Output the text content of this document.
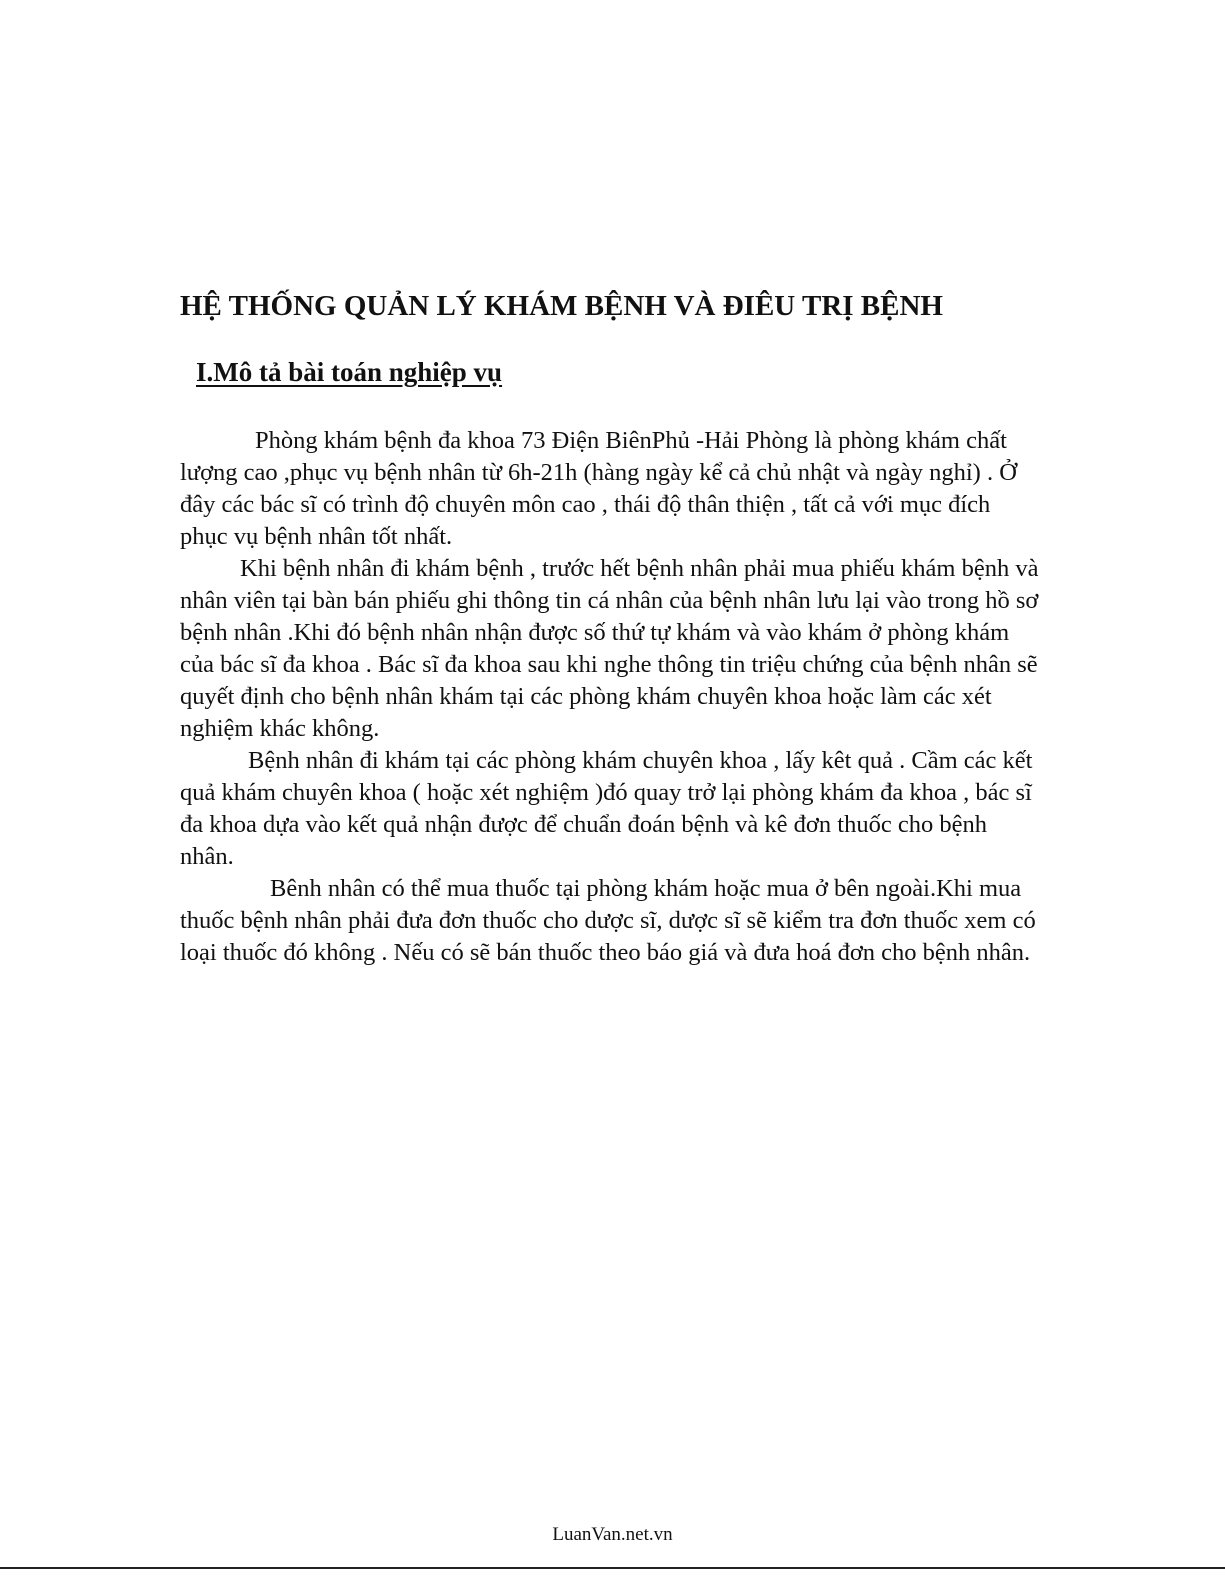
HỆ THỐNG QUẢN LÝ KHÁM BỆNH VÀ ĐIÊU TRỊ BỆNH
I.Mô tả bài toán nghiệp vụ

Phòng khám bệnh đa khoa 73 Điện BiênPhủ -Hải Phòng là phòng khám chất lượng cao ,phục vụ bệnh nhân từ 6h-21h (hàng ngày kể cả chủ nhật và ngày nghỉ) . Ở đây các bác sĩ có trình độ chuyên môn cao , thái độ thân thiện , tất cả với mục đích phục vụ bệnh nhân tốt nhất.

Khi bệnh nhân đi khám bệnh , trước hết bệnh nhân phải mua phiếu khám bệnh và nhân viên tại bàn bán phiếu ghi thông tin cá nhân của bệnh nhân lưu lại vào trong hồ sơ bệnh nhân .Khi đó bệnh nhân nhận được số thứ tự khám và vào khám ở phòng khám của bác sĩ đa khoa . Bác sĩ đa khoa sau khi nghe thông tin triệu chứng của bệnh nhân sẽ quyết định cho bệnh nhân khám tại các phòng khám chuyên khoa hoặc làm các xét nghiệm khác không.

Bệnh nhân đi khám tại các phòng khám chuyên khoa , lấy kêt quả . Cầm các kết quả khám chuyên khoa ( hoặc xét nghiệm )đó quay trở lại phòng khám đa khoa , bác sĩ đa khoa dựa vào kết quả nhận được để chuẩn đoán bệnh và kê đơn thuốc cho bệnh nhân.

Bênh nhân có thể mua thuốc tại phòng khám hoặc mua ở bên ngoài.Khi mua thuốc bệnh nhân phải đưa đơn thuốc cho dược sĩ, dược sĩ sẽ kiểm tra đơn thuốc xem có loại thuốc đó không . Nếu có sẽ bán thuốc theo báo giá và đưa hoá đơn cho bệnh nhân.

LuanVan.net.vn
